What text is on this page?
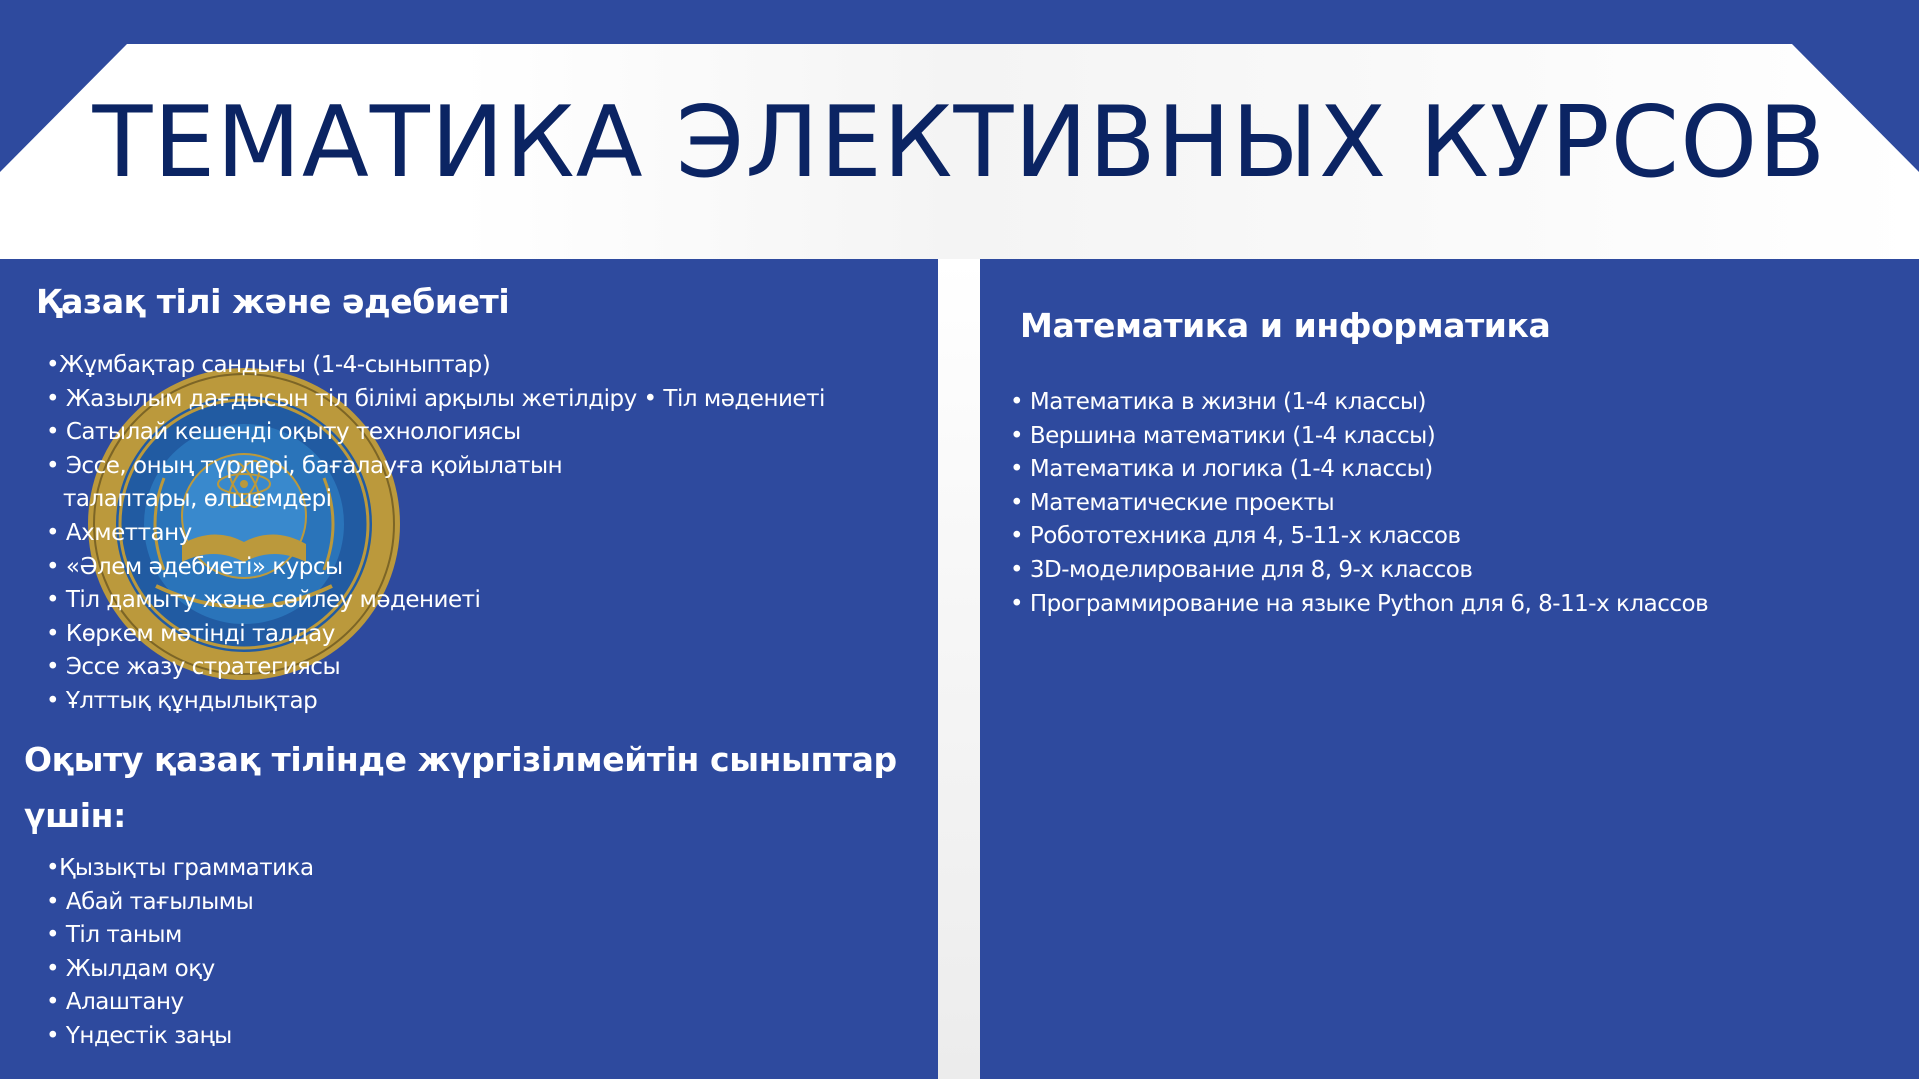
ТЕМАТИКА ЭЛЕКТИВНЫХ КУРСОВ
Қазақ тілі және әдебиеті
•Жұмбақтар сандығы (1-4-сыныптар)
• Жазылым дағдысын тіл білімі арқылы жетілдіру • Тіл мәдениеті
• Сатылай кешенді оқыту технологиясы
• Эссе, оның түрлері, бағалауға қойылатын талаптары, өлшемдері
• Ахметтану
• «Әлем әдебиеті» курсы
• Тіл дамыту және сөйлеу мәдениеті
• Көркем мәтінді талдау
• Эссе жазу стратегиясы
• Ұлттық құндылықтар
Оқыту қазақ тілінде жүргізілмейтін сыныптар
үшін:
•Қызықты грамматика
• Абай тағылымы
• Тіл таным
• Жылдам оқу
• Алаштану
• Үндестік заңы
Математика и информатика
• Математика в жизни (1-4 классы)
• Вершина математики (1-4 классы)
• Математика и логика (1-4 классы)
• Математические проекты
• Робототехника для 4, 5-11-х классов
• 3D-моделирование для 8, 9-х классов
• Программирование на языке Python для 6, 8-11-х классов
